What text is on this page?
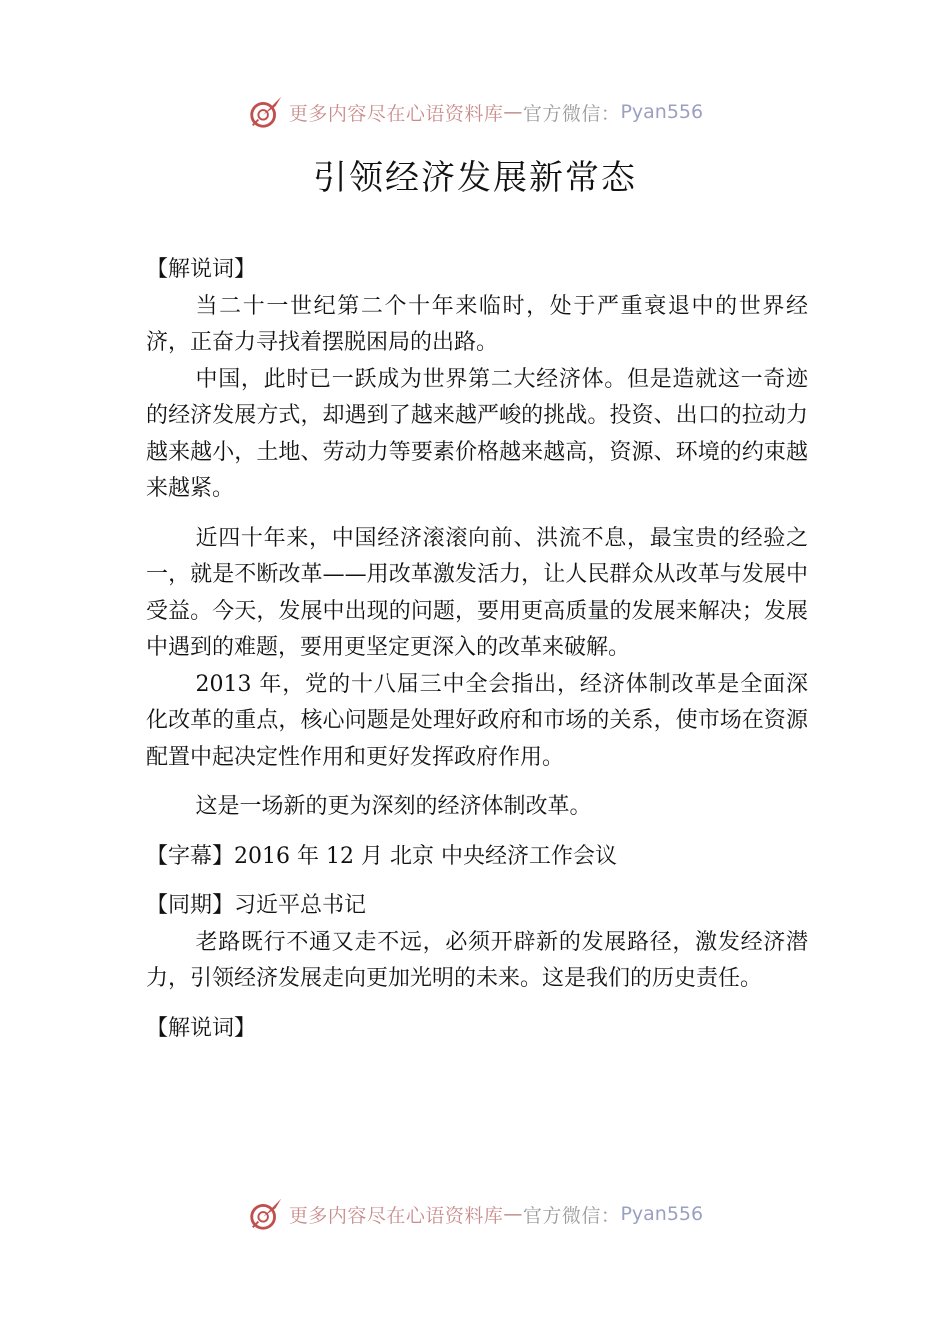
更多内容尽在心语资料库 — 官方微信： Pyan556
引领经济发展新常态

【解说词】

当二十一世纪第二个十年来临时，处于严重衰退中的世界经济，正奋力寻找着摆脱困局的出路。

中国，此时已一跃成为世界第二大经济体。但是造就这一奇迹的经济发展方式，却遇到了越来越严峻的挑战。投资、出口的拉动力越来越小，土地、劳动力等要素价格越来越高，资源、环境的约束越来越紧。

近四十年来，中国经济滚滚向前、洪流不息，最宝贵的经验之一，就是不断改革——用改革激发活力，让人民群众从改革与发展中受益。今天，发展中出现的问题，要用更高质量的发展来解决；发展中遇到的难题，要用更坚定更深入的改革来破解。

2013 年，党的十八届三中全会指出，经济体制改革是全面深化改革的重点，核心问题是处理好政府和市场的关系，使市场在资源配置中起决定性作用和更好发挥政府作用。

这是一场新的更为深刻的经济体制改革。

【字幕】2016 年 12 月 北京 中央经济工作会议

【同期】习近平总书记

老路既行不通又走不远，必须开辟新的发展路径，激发经济潜力，引领经济发展走向更加光明的未来。这是我们的历史责任。

【解说词】

更多内容尽在心语资料库 — 官方微信： Pyan556
